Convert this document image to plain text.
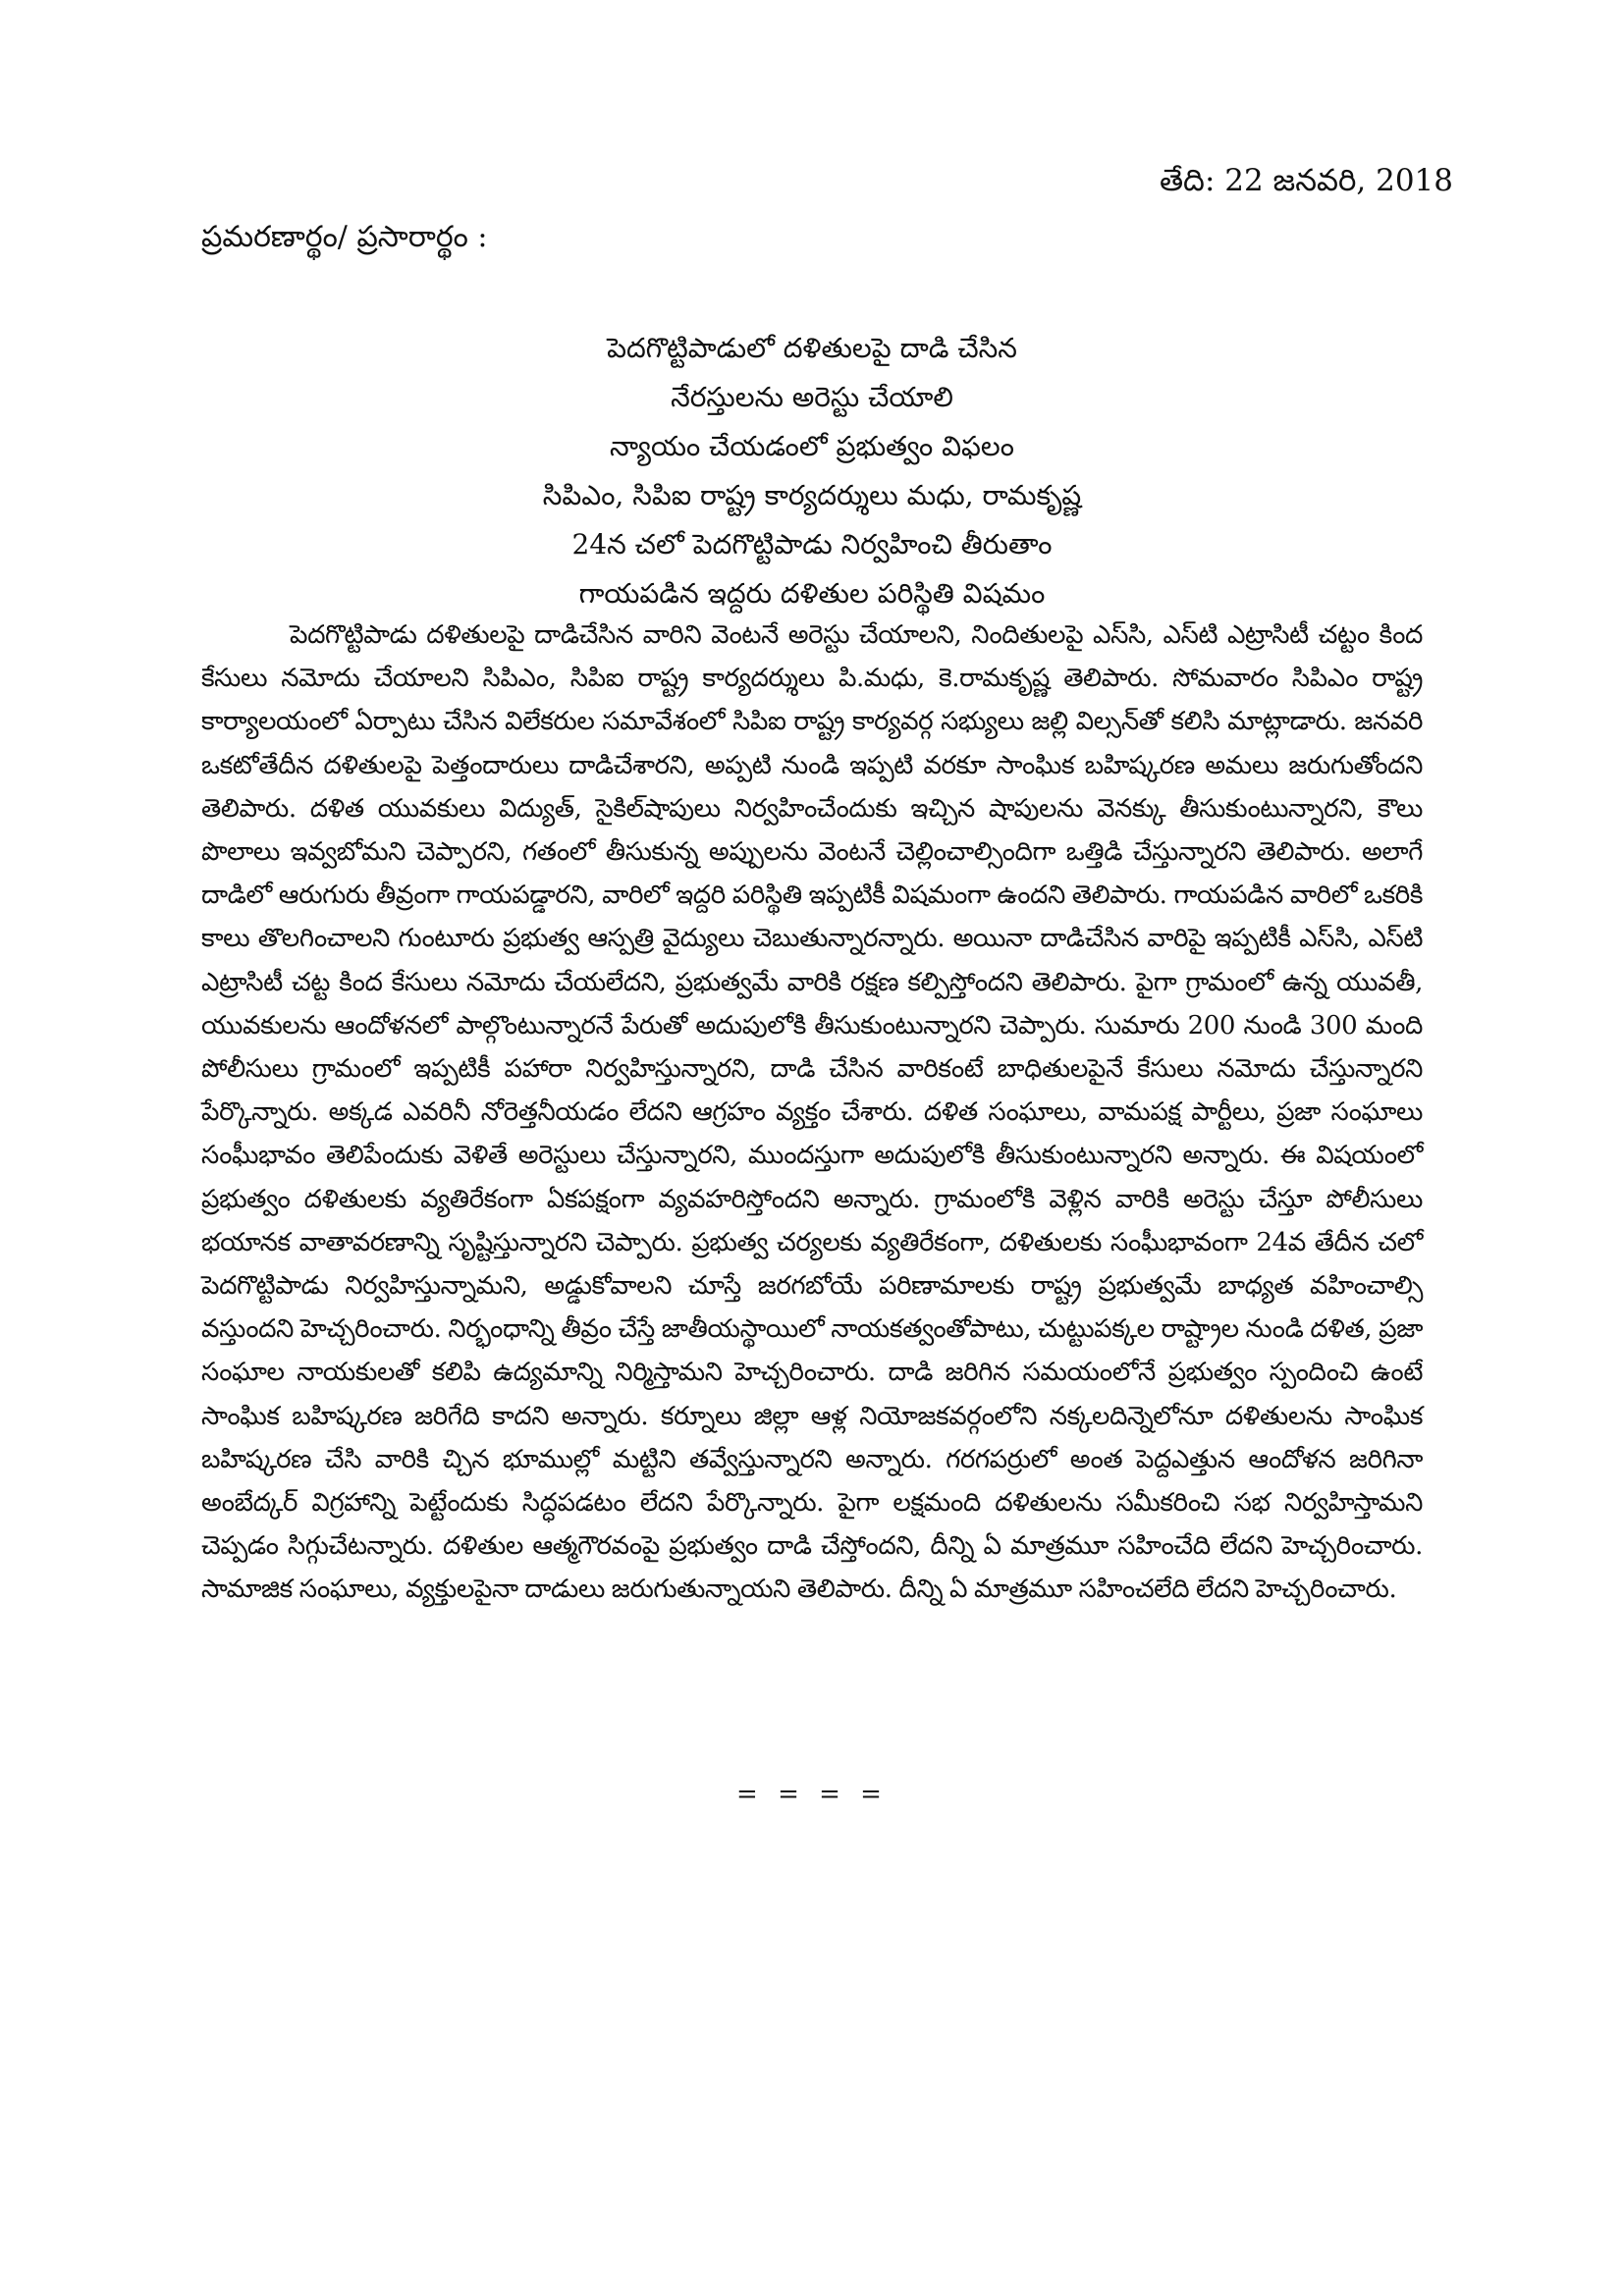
తేది: 22 జనవరి, 2018
ప్రమరణార్థం/ ప్రసారార్థం :
పెదగొట్టిపాడులో దళితులపై దాడి చేసిన
నేరస్తులను అరెస్టు చేయాలి
న్యాయం చేయడంలో ప్రభుత్వం విఫలం
సిపిఎం, సిపిఐ రాష్ట్ర కార్యదర్శులు మధు, రామకృష్ణ
24న చలో పెదగొట్టిపాడు నిర్వహించి తీరుతాం
గాయపడిన ఇద్దరు దళితుల పరిస్థితి విషమం

పెదగొట్టిపాడు దళితులపై దాడిచేసిన వారిని వెంటనే అరెస్టు చేయాలని, నిందితులపై ఎస్‌సి, ఎస్‌టి ఎట్రాసిటీ చట్టం కింద కేసులు నమోదు చేయాలని సిపిఎం, సిపిఐ రాష్ట్ర కార్యదర్శులు పి.మధు, కె.రామకృష్ణ తెలిపారు. సోమవారం సిపిఎం రాష్ట్ర కార్యాలయంలో ఏర్పాటు చేసిన విలేకరుల సమావేశంలో సిపిఐ రాష్ట్ర కార్యవర్గ సభ్యులు జల్లి విల్సన్‌తో కలిసి మాట్లాడారు. జనవరి ఒకటోతేదీన దళితులపై పెత్తందారులు దాడిచేశారని, అప్పటి నుండి ఇప్పటి వరకూ సాంఘిక బహిష్కరణ అమలు జరుగుతోందని తెలిపారు. దళిత యువకులు విద్యుత్‌, సైకిల్‌షాపులు నిర్వహించేందుకు ఇచ్చిన షాపులను వెనక్కు తీసుకుంటున్నారని, కౌలు పొలాలు ఇవ్వబోమని చెప్పారని, గతంలో తీసుకున్న అప్పులను వెంటనే చెల్లించాల్సిందిగా ఒత్తిడి చేస్తున్నారని తెలిపారు. అలాగే దాడిలో ఆరుగురు తీవ్రంగా గాయపడ్డారని, వారిలో ఇద్దరి పరిస్థితి ఇప్పటికీ విషమంగా ఉందని తెలిపారు. గాయపడిన వారిలో ఒకరికి కాలు తొలగించాలని గుంటూరు ప్రభుత్వ ఆస్పత్రి వైద్యులు చెబుతున్నారన్నారు. అయినా దాడిచేసిన వారిపై ఇప్పటికీ ఎస్‌సి, ఎస్‌టి ఎట్రాసిటీ చట్ట కింద కేసులు నమోదు చేయలేదని, ప్రభుత్వమే వారికి రక్షణ కల్పిస్తోందని తెలిపారు. పైగా గ్రామంలో ఉన్న యువతీ, యువకులను ఆందోళనలో పాల్గొంటున్నారనే పేరుతో అదుపులోకి తీసుకుంటున్నారని చెప్పారు. సుమారు 200 నుండి 300 మంది పోలీసులు గ్రామంలో ఇప్పటికీ పహారా నిర్వహిస్తున్నారని, దాడి చేసిన వారికంటే బాధితులపైనే కేసులు నమోదు చేస్తున్నారని పేర్కొన్నారు. అక్కడ ఎవరినీ నోరెత్తనీయడం లేదని ఆగ్రహం వ్యక్తం చేశారు. దళిత సంఘాలు, వామపక్ష పార్టీలు, ప్రజా సంఘాలు సంఘీభావం తెలిపేందుకు వెళితే అరెస్టులు చేస్తున్నారని, ముందస్తుగా అదుపులోకి తీసుకుంటున్నారని అన్నారు. ఈ విషయంలో ప్రభుత్వం దళితులకు వ్యతిరేకంగా ఏకపక్షంగా వ్యవహరిస్తోందని అన్నారు. గ్రామంలోకి వెళ్లిన వారికి అరెస్టు చేస్తూ పోలీసులు భయానక వాతావరణాన్ని సృష్టిస్తున్నారని చెప్పారు. ప్రభుత్వ చర్యలకు వ్యతిరేకంగా, దళితులకు సంఘీభావంగా 24వ తేదీన చలో పెదగొట్టిపాడు నిర్వహిస్తున్నామని, అడ్డుకోవాలని చూస్తే జరగబోయే పరిణామాలకు రాష్ట్ర ప్రభుత్వమే బాధ్యత వహించాల్సి వస్తుందని హెచ్చరించారు. నిర్భంధాన్ని తీవ్రం చేస్తే జాతీయస్థాయిలో నాయకత్వంతోపాటు, చుట్టుపక్కల రాష్ట్రాల నుండి దళిత, ప్రజా సంఘాల నాయకులతో కలిపి ఉద్యమాన్ని నిర్మిస్తామని హెచ్చరించారు. దాడి జరిగిన సమయంలోనే ప్రభుత్వం స్పందించి ఉంటే సాంఘిక బహిష్కరణ జరిగేది కాదని అన్నారు. కర్నూలు జిల్లా ఆళ్ల నియోజకవర్గంలోని నక్కలదిన్నెలోనూ దళితులను సాంఘిక బహిష్కరణ చేసి వారికి చ్చిన భూముల్లో మట్టిని తవ్వేస్తున్నారని అన్నారు. గరగపర్రులో అంత పెద్దఎత్తున ఆందోళన జరిగినా అంబేద్కర్ విగ్రహాన్ని పెట్టేందుకు సిద్ధపడటం లేదని పేర్కొన్నారు. పైగా లక్షమంది దళితులను సమీకరించి సభ నిర్వహిస్తామని చెప్పడం సిగ్గుచేటన్నారు. దళితుల ఆత్మగౌరవంపై ప్రభుత్వం దాడి చేస్తోందని, దీన్ని ఏ మాత్రమూ సహించేది లేదని హెచ్చరించారు. సామాజిక సంఘాలు, వ్యక్తులపైనా దాడులు జరుగుతున్నాయని తెలిపారు. దీన్ని ఏ మాత్రమూ సహించలేది లేదని హెచ్చరించారు.

= = = =
